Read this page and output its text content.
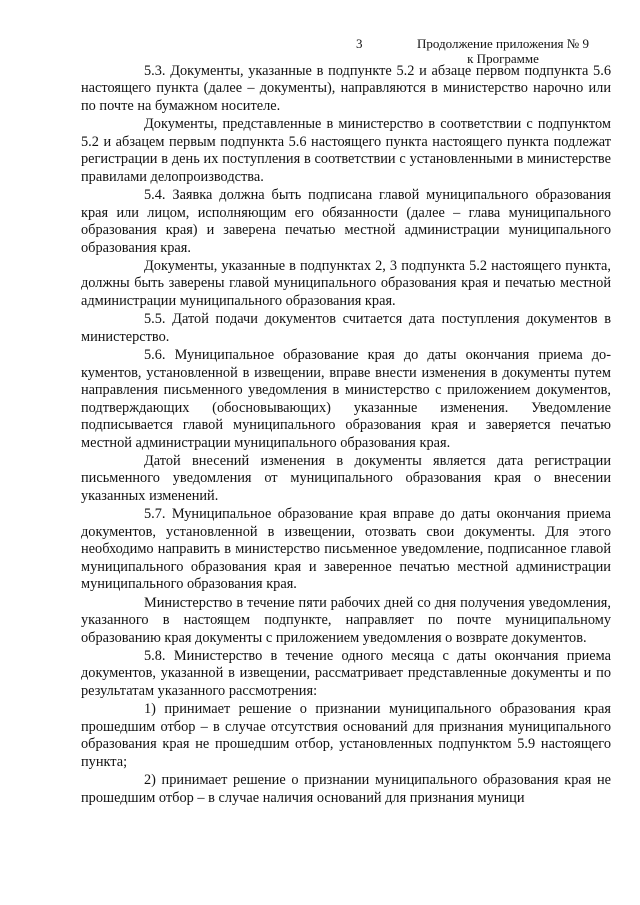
3	Продолжение приложения № 9
к Программе

5.3. Документы, указанные в подпункте 5.2 и абзаце первом подпункта 5.6 настоящего пункта (далее – документы), направляются в министерство нарочно или по почте на бумажном носителе.

Документы, представленные в министерство в соответствии с подпунктом 5.2 и абзацем первым подпункта 5.6 настоящего пункта настоящего пункта подлежат регистрации в день их поступления в соответствии с установленными в министерстве правилами делопроизводства.

5.4. Заявка должна быть подписана главой муниципального образования края или лицом, исполняющим его обязанности (далее – глава муниципального образования края) и заверена печатью местной администрации муниципального образования края.

Документы, указанные в подпунктах 2, 3 подпункта 5.2 настоящего пункта, должны быть заверены главой муниципального образования края и печатью местной администрации муниципального образования края.

5.5. Датой подачи документов считается дата поступления документов в министерство.

5.6. Муниципальное образование края до даты окончания приема документов, установленной в извещении, вправе внести изменения в документы путем направления письменного уведомления в министерство с приложением документов, подтверждающих (обосновывающих) указанные изменения. Уведомление подписывается главой муниципального образования края и заверяется печатью местной администрации муниципального образования края.

Датой внесений изменения в документы является дата регистрации письменного уведомления от муниципального образования края о внесении указанных изменений.

5.7. Муниципальное образование края вправе до даты окончания приема документов, установленной в извещении, отозвать свои документы. Для этого необходимо направить в министерство письменное уведомление, подписанное главой муниципального образования края и заверенное печатью местной администрации муниципального образования края.

Министерство в течение пяти рабочих дней со дня получения уведомления, указанного в настоящем подпункте, направляет по почте муниципальному образованию края документы с приложением уведомления о возврате документов.

5.8. Министерство в течение одного месяца с даты окончания приема документов, указанной в извещении, рассматривает представленные документы и по результатам указанного рассмотрения:

1) принимает решение о признании муниципального образования края прошедшим отбор – в случае отсутствия оснований для признания муниципального образования края не прошедшим отбор, установленных подпунктом 5.9 настоящего пункта;

2) принимает решение о признании муниципального образования края не прошедшим отбор – в случае наличия оснований для признания муници
